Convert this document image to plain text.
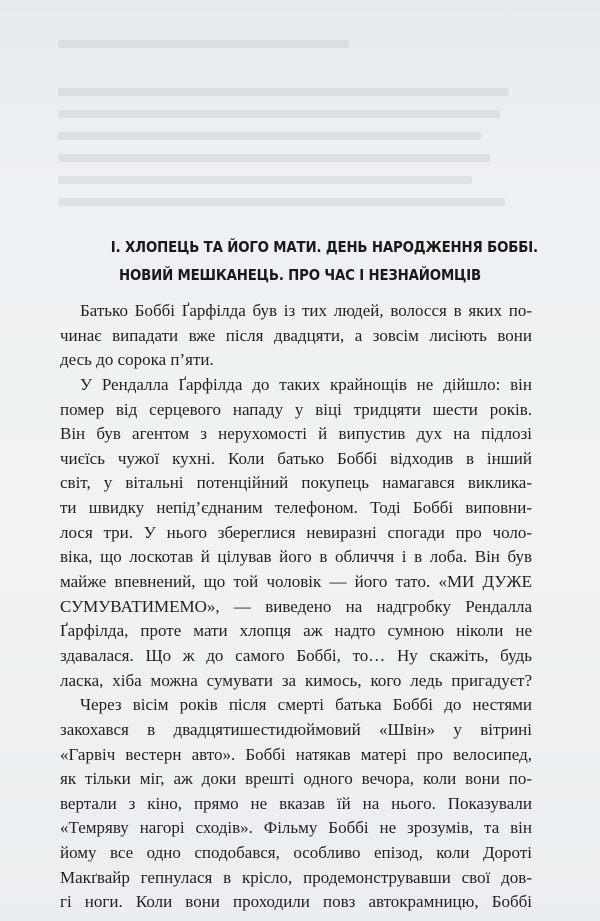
І. ХЛОПЕЦЬ ТА ЙОГО МАТИ. ДЕНЬ НАРОДЖЕННЯ БОББІ.
НОВИЙ МЕШКАНЕЦЬ. ПРО ЧАС І НЕЗНАЙОМЦІВ
Батько Боббі Ґарфілда був із тих людей, волосся в яких по-
чинає випадати вже після двадцяти, а зовсім лисіють вони
десь до сорока п’яти.
У Рендалла Ґарфілда до таких крайнощів не дійшло: він
помер від серцевого нападу у віці тридцяти шести років.
Він був агентом з нерухомості й випустив дух на підлозі
чиєїсь чужої кухні. Коли батько Боббі відходив в інший
світ, у вітальні потенційний покупець намагався виклика-
ти швидку непід’єднаним телефоном. Тоді Боббі виповни-
лося три. У нього збереглися невиразні спогади про чоло-
віка, що лоскотав й цілував його в обличчя і в лоба. Він був
майже впевнений, що той чоловік — його тато. «МИ ДУЖЕ
СУМУВАТИМЕМО», — виведено на надгробку Рендалла
Ґарфілда, проте мати хлопця аж надто сумною ніколи не
здавалася. Що ж до самого Боббі, то… Ну скажіть, будь
ласка, хіба можна сумувати за кимось, кого ледь пригадуєт?
Через вісім років після смерті батька Боббі до нестями
закохався в двадцятишестидюймовий «Швін» у вітрині
«Гарвіч вестерн авто». Боббі натякав матері про велосипед,
як тільки міг, аж доки врешті одного вечора, коли вони по-
вертали з кіно, прямо не вказав їй на нього. Показували
«Темряву нагорі сходів». Фільму Боббі не зрозумів, та він
йому все одно сподобався, особливо епізод, коли Дороті
Макґвайр гепнулася в крісло, продемонструвавши свої дов-
гі ноги. Коли вони проходили повз автокрамницю, Боббі
